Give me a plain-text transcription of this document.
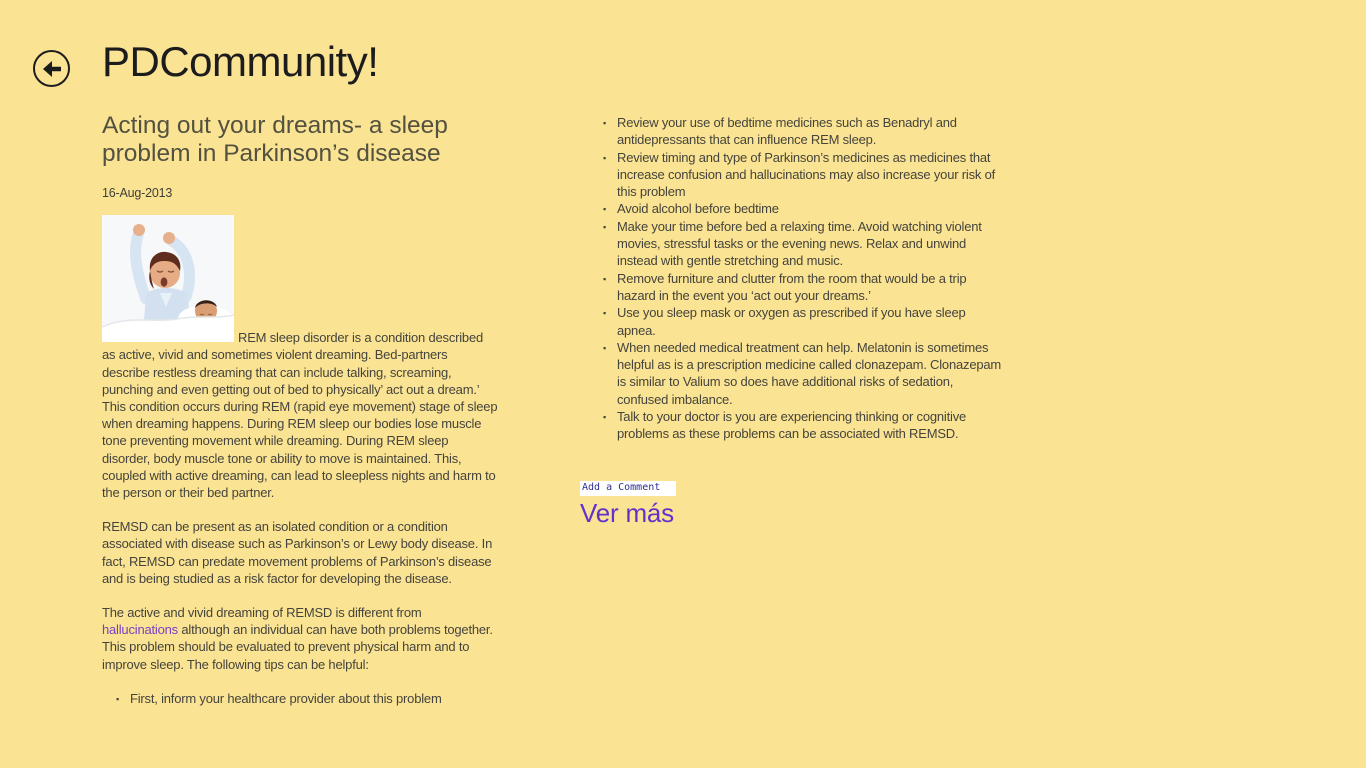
PDCommunity!
Acting out your dreams- a sleep problem in Parkinson’s disease
16-Aug-2013

REM sleep disorder is a condition described as active, vivid and sometimes violent dreaming. Bed-partners describe restless dreaming that can include talking, screaming, punching and even getting out of bed to physically’ act out a dream.’ This condition occurs during REM (rapid eye movement) stage of sleep when dreaming happens. During REM sleep our bodies lose muscle tone preventing movement while dreaming. During REM sleep disorder, body muscle tone or ability to move is maintained. This, coupled with active dreaming, can lead to sleepless nights and harm to the person or their bed partner.

REMSD can be present as an isolated condition or a condition associated with disease such as Parkinson’s or Lewy body disease. In fact, REMSD can predate movement problems of Parkinson’s disease and is being studied as a risk factor for developing the disease.

The active and vivid dreaming of REMSD is different from hallucinations although an individual can have both problems together. This problem should be evaluated to prevent physical harm and to improve sleep. The following tips can be helpful:

▪ First, inform your healthcare provider about this problem
▪ Review your use of bedtime medicines such as Benadryl and antidepressants that can influence REM sleep.
▪ Review timing and type of Parkinson’s medicines as medicines that increase confusion and hallucinations may also increase your risk of this problem
▪ Avoid alcohol before bedtime
▪ Make your time before bed a relaxing time. Avoid watching violent movies, stressful tasks or the evening news. Relax and unwind instead with gentle stretching and music.
▪ Remove furniture and clutter from the room that would be a trip hazard in the event you ‘act out your dreams.’
▪ Use you sleep mask or oxygen as prescribed if you have sleep apnea.
▪ When needed medical treatment can help. Melatonin is sometimes helpful as is a prescription medicine called clonazepam. Clonazepam is similar to Valium so does have additional risks of sedation, confused imbalance.
▪ Talk to your doctor is you are experiencing thinking or cognitive problems as these problems can be associated with REMSD.
Add a Comment
Ver más
